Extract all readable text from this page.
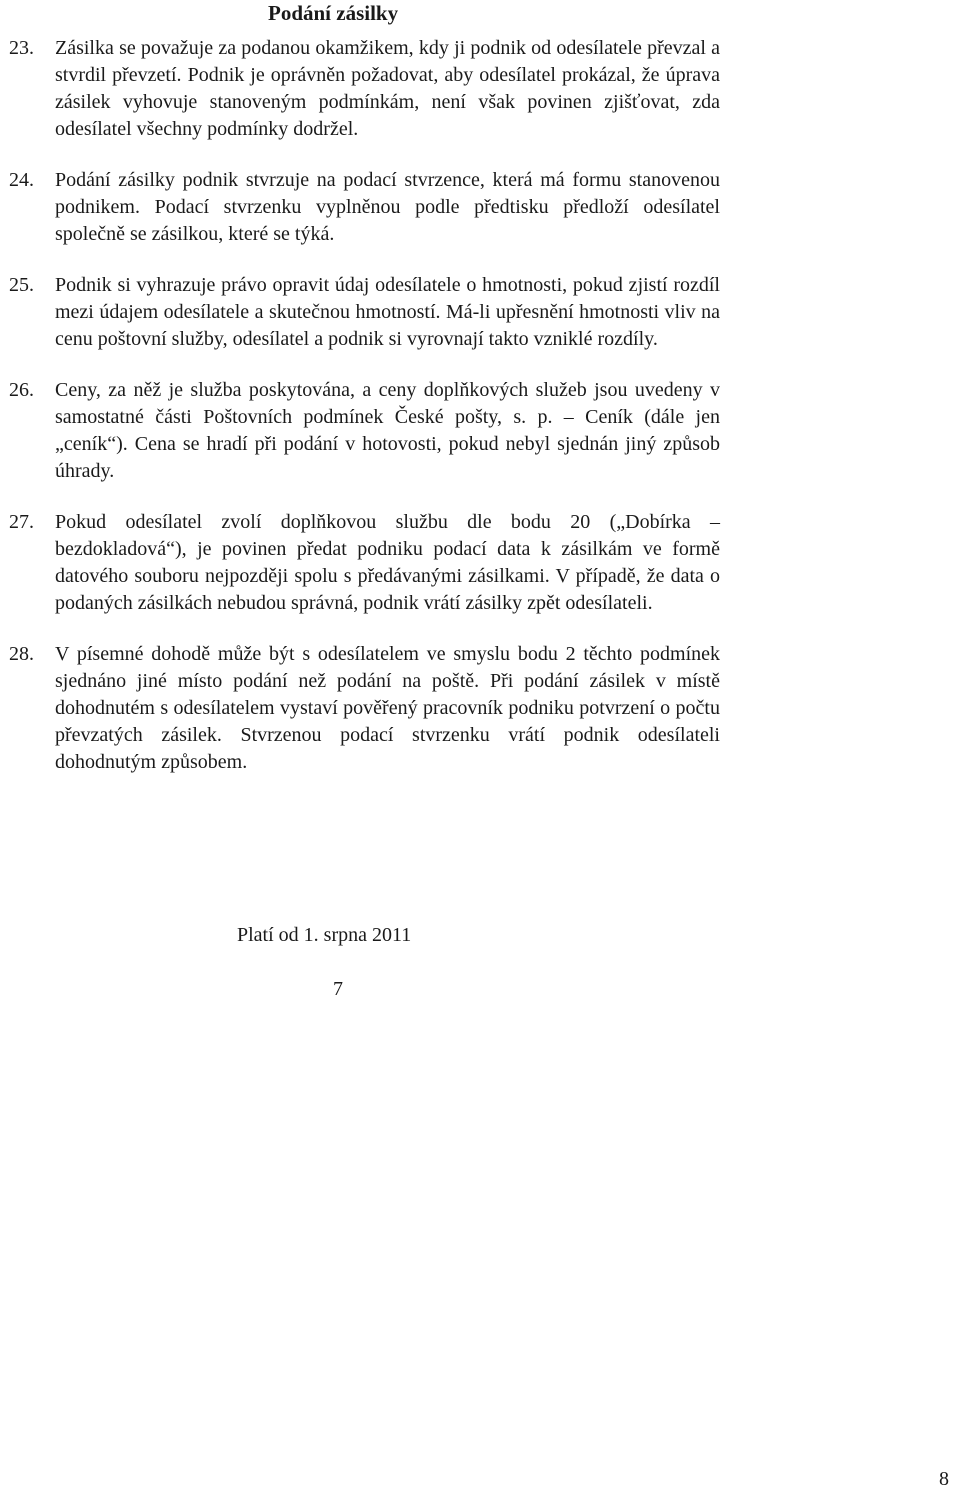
Podání zásilky
23. Zásilka se považuje za podanou okamžikem, kdy ji podnik od odesílatele převzal a stvrdil převzetí. Podnik je oprávněn požadovat, aby odesílatel prokázal, že úprava zásilek vyhovuje stanoveným podmínkám, není však povinen zjišťovat, zda odesílatel všechny podmínky dodržel.
24. Podání zásilky podnik stvrzuje na podací stvrzence, která má formu stanovenou podnikem. Podací stvrzenku vyplněnou podle předtisku předloží odesílatel společně se zásilkou, které se týká.
25. Podnik si vyhrazuje právo opravit údaj odesílatele o hmotnosti, pokud zjistí rozdíl mezi údajem odesílatele a skutečnou hmotností. Má-li upřesnění hmotnosti vliv na cenu poštovní služby, odesílatel a podnik si vyrovnají takto vzniklé rozdíly.
26. Ceny, za něž je služba poskytována, a ceny doplňkových služeb jsou uvedeny v samostatné části Poštovních podmínek České pošty, s. p. – Ceník (dále jen „ceník“). Cena se hradí při podání v hotovosti, pokud nebyl sjednán jiný způsob úhrady.
27. Pokud odesílatel zvolí doplňkovou službu dle bodu 20 („Dobírka – bezdokladová“), je povinen předat podniku podací data k zásilkám ve formě datového souboru nejpozději spolu s předávanými zásilkami. V případě, že data o podaných zásilkách nebudou správná, podnik vrátí zásilky zpět odesílateli.
28. V písemné dohodě může být s odesílatelem ve smyslu bodu 2 těchto podmínek sjednáno jiné místo podání než podání na poště. Při podání zásilek v místě dohodnutém s odesílatelem vystaví pověřený pracovník podniku potvrzení o počtu převzatých zásilek. Stvrzenou podací stvrzenku vrátí podnik odesílateli dohodnutým způsobem.
Platí od 1. srpna 2011
7
8
